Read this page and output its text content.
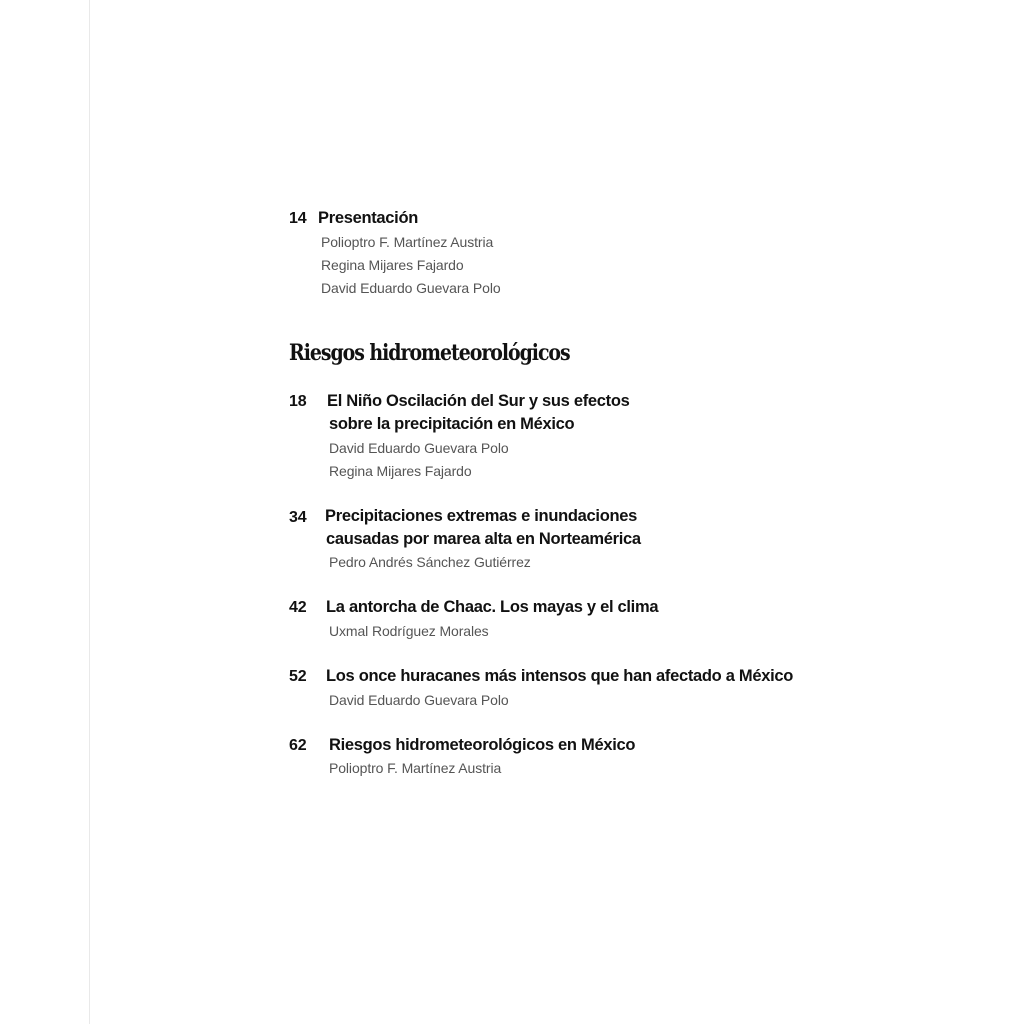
14 Presentación
Polioptro F. Martínez Austria
Regina Mijares Fajardo
David Eduardo Guevara Polo
Riesgos hidrometeorológicos
18 El Niño Oscilación del Sur y sus efectos
sobre la precipitación en México
David Eduardo Guevara Polo
Regina Mijares Fajardo
34 Precipitaciones extremas e inundaciones
causadas por marea alta en Norteamérica
Pedro Andrés Sánchez Gutiérrez
42 La antorcha de Chaac. Los mayas y el clima
Uxmal Rodríguez Morales
52 Los once huracanes más intensos que han afectado a México
David Eduardo Guevara Polo
62 Riesgos hidrometeorológicos en México
Polioptro F. Martínez Austria
